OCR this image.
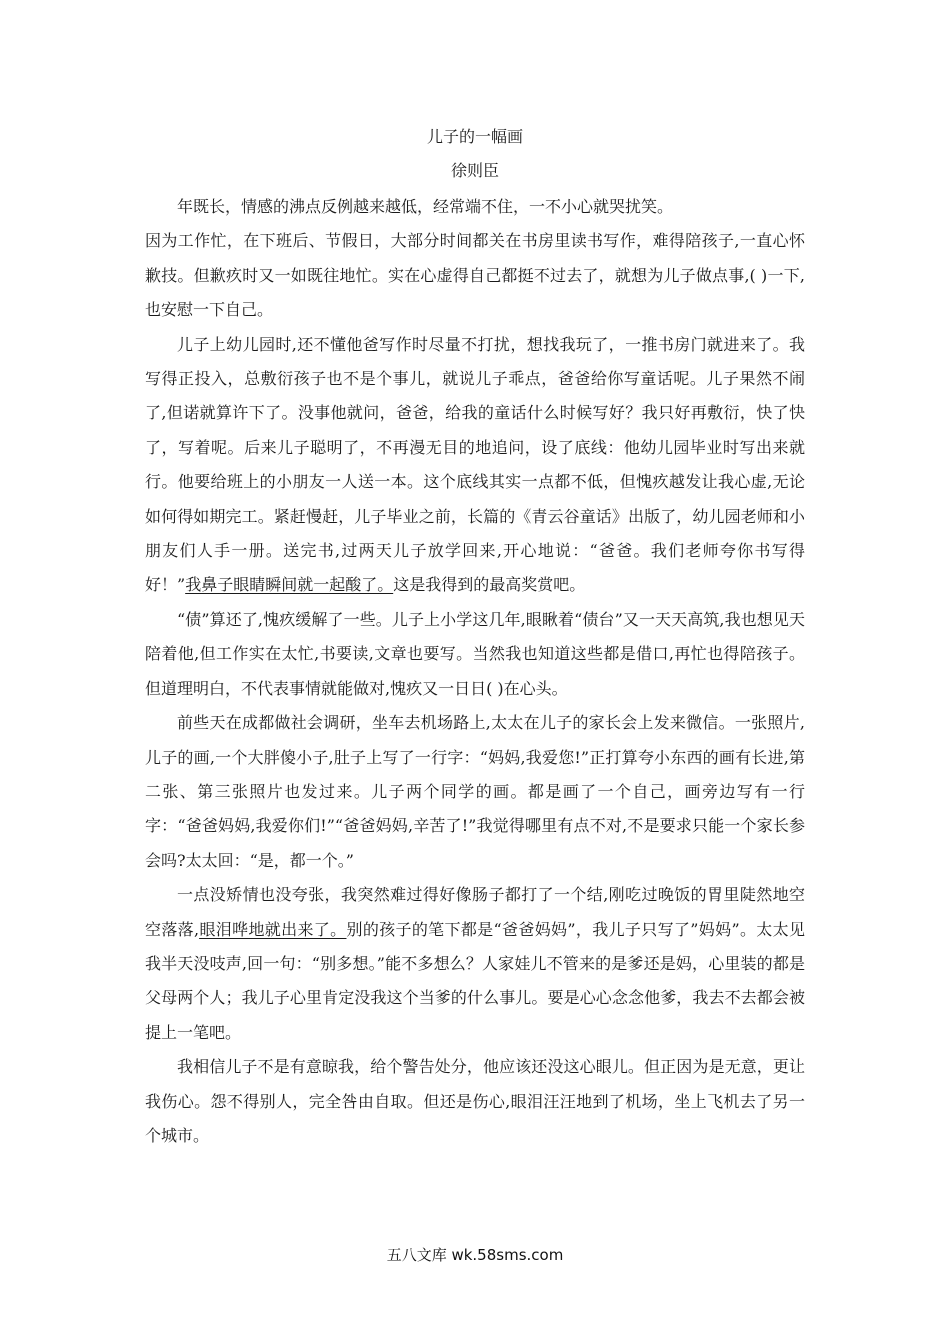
儿子的一幅画
徐则臣

年既长，情感的沸点反例越来越低，经常端不住，一不小心就哭扰笑。

因为工作忙，在下班后、节假日，大部分时间都关在书房里读书写作，难得陪孩子,一直心怀歉技。但歉疚时又一如既往地忙。实在心虚得自己都挺不过去了，就想为儿子做点事,( )一下,也安慰一下自己。

儿子上幼儿园时,还不懂他爸写作时尽量不打扰，想找我玩了，一推书房门就进来了。我写得正投入，总敷衍孩子也不是个事儿，就说儿子乖点，爸爸给你写童话呢。儿子果然不闹了,但诺就算许下了。没事他就问，爸爸，给我的童话什么时候写好？我只好再敷衍，快了快了，写着呢。后来儿子聪明了，不再漫无目的地追问，设了底线：他幼儿园毕业时写出来就行。他要给班上的小朋友一人送一本。这个底线其实一点都不低，但愧疚越发让我心虚,无论如何得如期完工。紧赶慢赶，儿子毕业之前，长篇的《青云谷童话》出版了，幼儿园老师和小朋友们人手一册。送完书,过两天儿子放学回来,开心地说：“爸爸。我们老师夸你书写得好！”我鼻子眼睛瞬间就一起酸了。这是我得到的最高奖赏吧。

“债”算还了,愧疚缓解了一些。儿子上小学这几年,眼瞅着“债台”又一天天高筑,我也想见天陪着他,但工作实在太忙,书要读,文章也要写。当然我也知道这些都是借口,再忙也得陪孩子。但道理明白，不代表事情就能做对,愧疚又一日日( )在心头。

前些天在成都做社会调研，坐车去机场路上,太太在儿子的家长会上发来微信。一张照片,儿子的画,一个大胖傻小子,肚子上写了一行字：“妈妈,我爱您!”正打算夸小东西的画有长进,第二张、第三张照片也发过来。儿子两个同学的画。都是画了一个自己，画旁边写有一行字：“爸爸妈妈,我爱你们!”“爸爸妈妈,辛苦了!”我觉得哪里有点不对,不是要求只能一个家长参会吗?太太回：“是，都一个。”

一点没矫情也没夸张，我突然难过得好像肠子都打了一个结,刚吃过晚饭的胃里陡然地空空落落,眼泪哗地就出来了。别的孩子的笔下都是“爸爸妈妈”，我儿子只写了”妈妈”。太太见我半天没吱声,回一句：“别多想。”能不多想么？人家娃儿不管来的是爹还是妈，心里装的都是父母两个人；我儿子心里肯定没我这个当爹的什么事儿。要是心心念念他爹，我去不去都会被提上一笔吧。

我相信儿子不是有意晾我，给个警告处分，他应该还没这心眼儿。但正因为是无意，更让我伤心。怨不得别人，完全咎由自取。但还是伤心,眼泪汪汪地到了机场，坐上飞机去了另一个城市。

五八文库 wk.58sms.com
